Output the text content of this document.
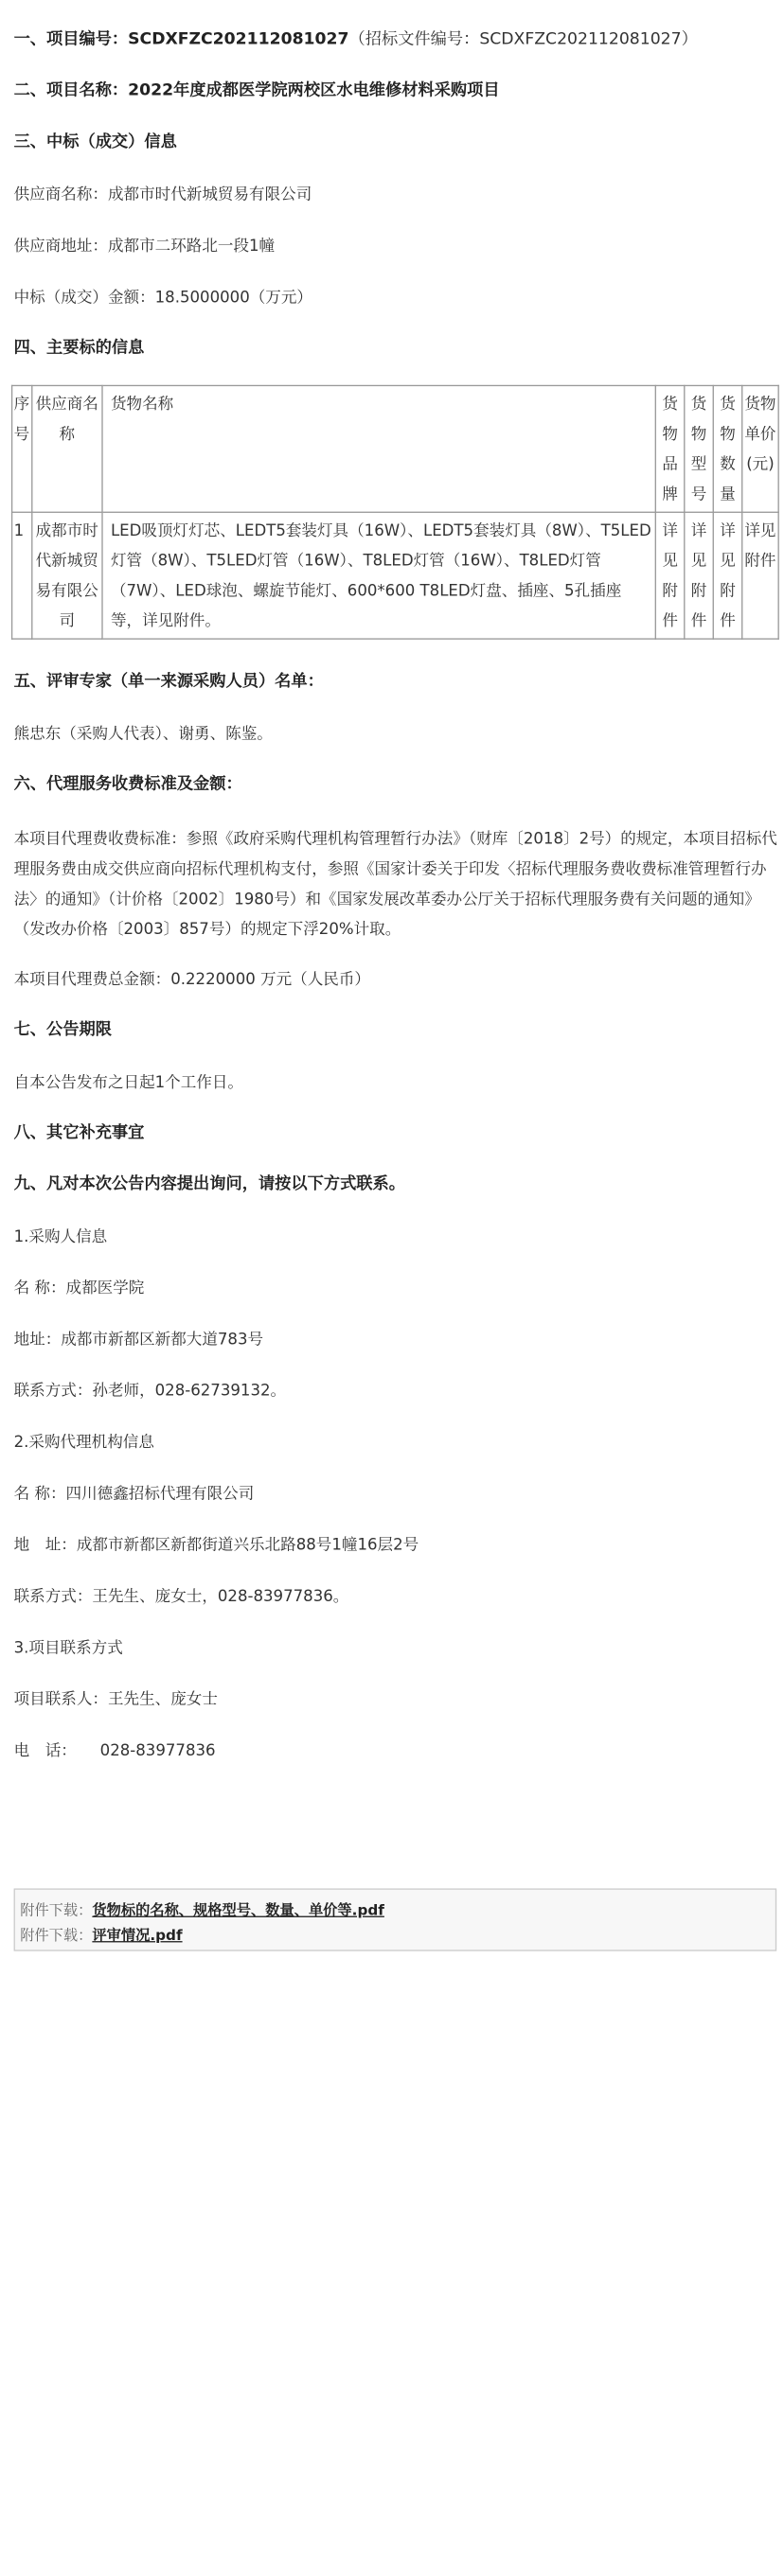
一、项目编号：SCDXFZC202112081027（招标文件编号：SCDXFZC202112081027）
二、项目名称：2022年度成都医学院两校区水电维修材料采购项目
三、中标（成交）信息
供应商名称：成都市时代新城贸易有限公司
供应商地址：成都市二环路北一段1幢
中标（成交）金额：18.5000000（万元）
四、主要标的信息
序号	供应商名称	货物名称	货物品牌	货物型号	货物数量	货物单价(元)
1	成都市时代新城贸易有限公司	LED吸顶灯灯芯、LEDT5套装灯具（16W）、LEDT5套装灯具（8W）、T5LED灯管（8W）、T5LED灯管（16W）、T8LED灯管（16W）、T8LED灯管（7W）、LED球泡、螺旋节能灯、600*600 T8LED灯盘、插座、5孔插座等，详见附件。	详见附件	详见附件	详见附件	详见附件
五、评审专家（单一来源采购人员）名单：
熊忠东（采购人代表）、谢勇、陈鉴。
六、代理服务收费标准及金额：
本项目代理费收费标准：参照《政府采购代理机构管理暂行办法》（财库〔2018〕2号）的规定，本项目招标代理服务费由成交供应商向招标代理机构支付，参照《国家计委关于印发〈招标代理服务费收费标准管理暂行办法〉的通知》（计价格〔2002〕1980号）和《国家发展改革委办公厅关于招标代理服务费有关问题的通知》（发改办价格〔2003〕857号）的规定下浮20%计取。
本项目代理费总金额：0.2220000 万元（人民币）
七、公告期限
自本公告发布之日起1个工作日。
八、其它补充事宜
九、凡对本次公告内容提出询问，请按以下方式联系。
1.采购人信息
名 称：成都医学院
地址：成都市新都区新都大道783号
联系方式：孙老师，028-62739132。
2.采购代理机构信息
名 称：四川德鑫招标代理有限公司
地　址：成都市新都区新都街道兴乐北路88号1幢16层2号
联系方式：王先生、庞女士，028-83977836。
3.项目联系方式
项目联系人：王先生、庞女士
电　话：　　028-83977836
附件下载：货物标的名称、规格型号、数量、单价等.pdf
附件下载：评审情况.pdf
